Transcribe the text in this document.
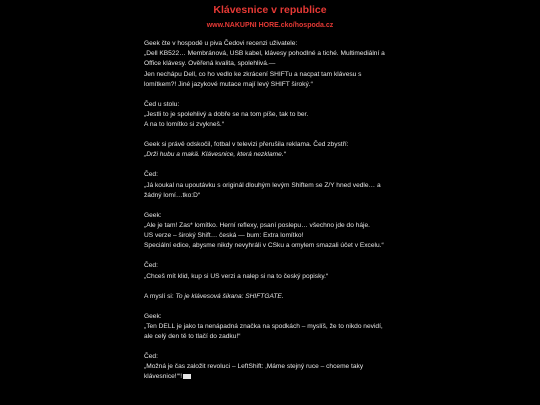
Klávesnice v republice
www.NAKUPNI HORE.cko/hospoda.cz
Geek čte v hospodě u piva Čedovi recenzi uživatele:
„Dell KB522… Membránová, USB kabel, klávesy pohodlné a tiché. Multimediální a
Office klávesy. Ověřená kvalita, spolehlivá.—
Jen nechápu Dell, co ho vedlo ke zkrácení SHIFTu a nacpat tam klávesu s
lomítkem?! Jiné jazykové mutace mají levý SHIFT široký.“
Čed u stolu:
„Jestli to je spolehlivý a dobře se na tom píše, tak to ber.
A na to lomítko si zvykneš.“
Geek si právě odskočil, fotbal v televizi přerušila reklama. Čed zbystří:
„Drži hubu a makä. Klávesnice, která nezklame.“
Čed:
„Já koukal na upoutávku s originál dlouhým levým Shiftem se Z/Y hned vedle… a
žádný lomí…tko:D“
Geek:
„Ale je tam! Zas* lomítko. Herní reflexy, psaní poslepu… všechno jde do háje.
US verze – široký Shift… česká — bum: Extra lomítko!
Speciální edice, abysme nikdy nevyhráli v CSku a omylem smazali účet v Excelu.“
Čed:
„Chceš mít klid, kup si US verzi a nalep si na to český popisky.“
A myslí si: To je klávesová šikana: SHIFTGATE.
Geek:
„Ten DELL je jako ta nenápadná značka na spodkách – myslíš, že to nikdo nevidí,
ale celý den tě to tlačí do zadku!“
Čed:
„Možná je čas založit revoluci – LeftShift: ‚Máme stejný ruce – chceme taky
klávesnice!‘“!
